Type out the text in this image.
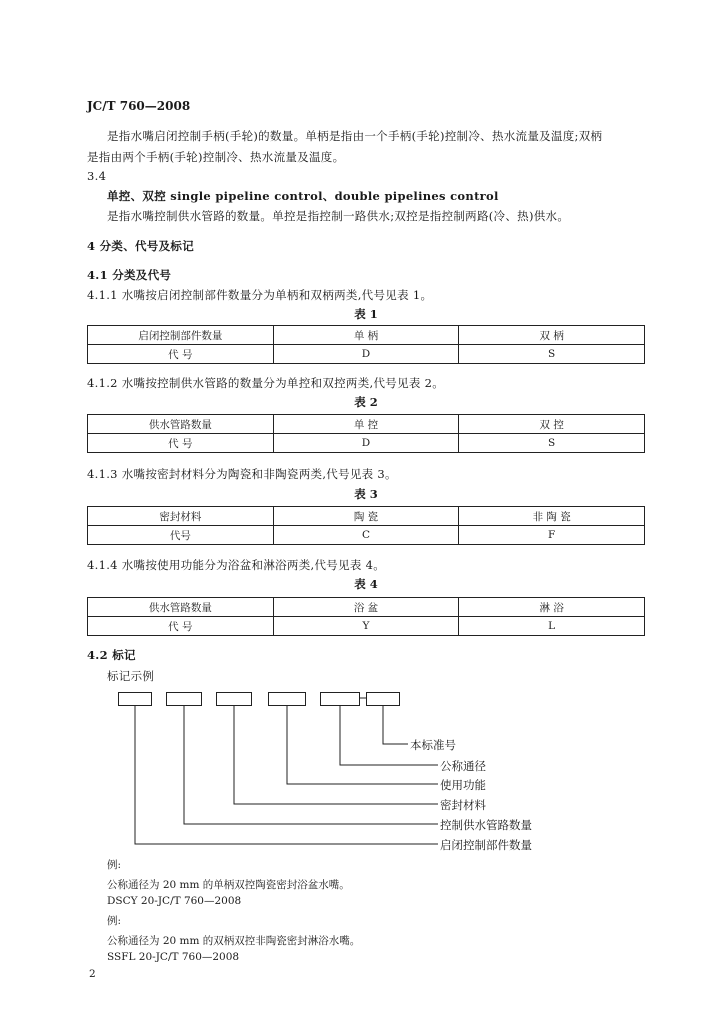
JC/T 760—2008
是指水嘴启闭控制手柄(手轮)的数量。单柄是指由一个手柄(手轮)控制冷、热水流量及温度;双柄
是指由两个手柄(手轮)控制冷、热水流量及温度。
3.4
单控、双控 single pipeline control、double pipelines control
是指水嘴控制供水管路的数量。单控是指控制一路供水;双控是指控制两路(冷、热)供水。
4 分类、代号及标记
4.1 分类及代号
4.1.1 水嘴按启闭控制部件数量分为单柄和双柄两类,代号见表 1。
表 1
启闭控制部件数量	单 柄	双 柄
代 号	D	S
4.1.2 水嘴按控制供水管路的数量分为单控和双控两类,代号见表 2。
表 2
供水管路数量	单 控	双 控
代 号	D	S
4.1.3 水嘴按密封材料分为陶瓷和非陶瓷两类,代号见表 3。
表 3
密封材料	陶 瓷	非 陶 瓷
代号	C	F
4.1.4 水嘴按使用功能分为浴盆和淋浴两类,代号见表 4。
表 4
供水管路数量	浴 盆	淋 浴
代 号	Y	L
4.2 标记
标记示例
本标准号
公称通径
使用功能
密封材料
控制供水管路数量
启闭控制部件数量
例:
公称通径为 20 mm 的单柄双控陶瓷密封浴盆水嘴。
DSCY 20-JC/T 760—2008
例:
公称通径为 20 mm 的双柄双控非陶瓷密封淋浴水嘴。
SSFL 20-JC/T 760—2008
2
